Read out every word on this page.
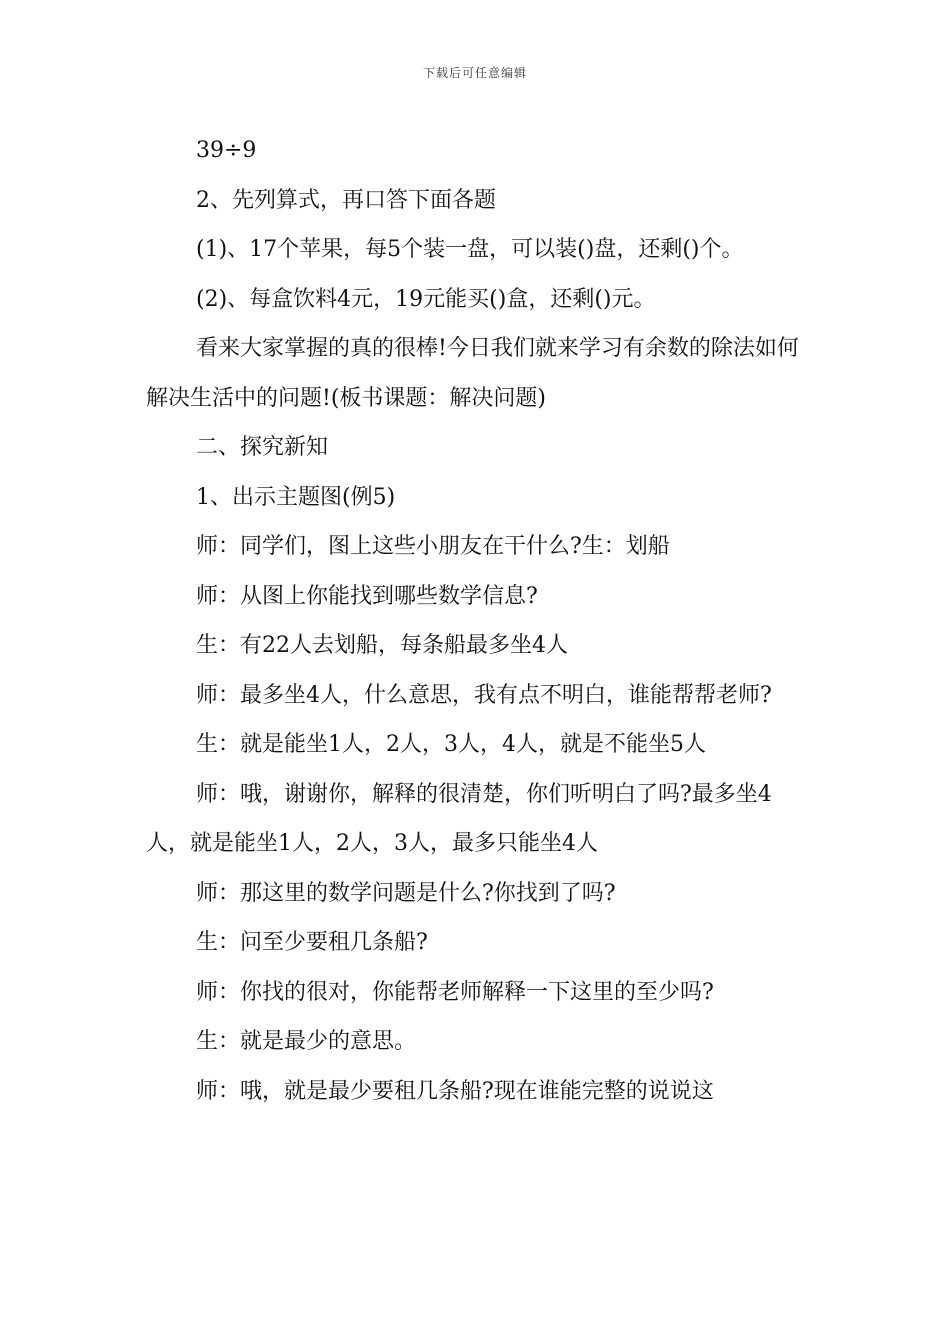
下载后可任意编辑

39÷9

2、先列算式，再口答下面各题

(1)、17个苹果，每5个装一盘，可以装()盘，还剩()个。

(2)、每盒饮料4元，19元能买()盒，还剩()元。

看来大家掌握的真的很棒!今日我们就来学习有余数的除法如何解决生活中的问题!(板书课题：解决问题)

二、探究新知

1、出示主题图(例5)

师：同学们，图上这些小朋友在干什么?生：划船

师：从图上你能找到哪些数学信息?

生：有22人去划船，每条船最多坐4人

师：最多坐4人，什么意思，我有点不明白，谁能帮帮老师?

生：就是能坐1人，2人，3人，4人，就是不能坐5人

师：哦，谢谢你，解释的很清楚，你们听明白了吗?最多坐4人，就是能坐1人，2人，3人，最多只能坐4人

师：那这里的数学问题是什么?你找到了吗?

生：问至少要租几条船?

师：你找的很对，你能帮老师解释一下这里的至少吗?

生：就是最少的意思。

师：哦，就是最少要租几条船?现在谁能完整的说说这
